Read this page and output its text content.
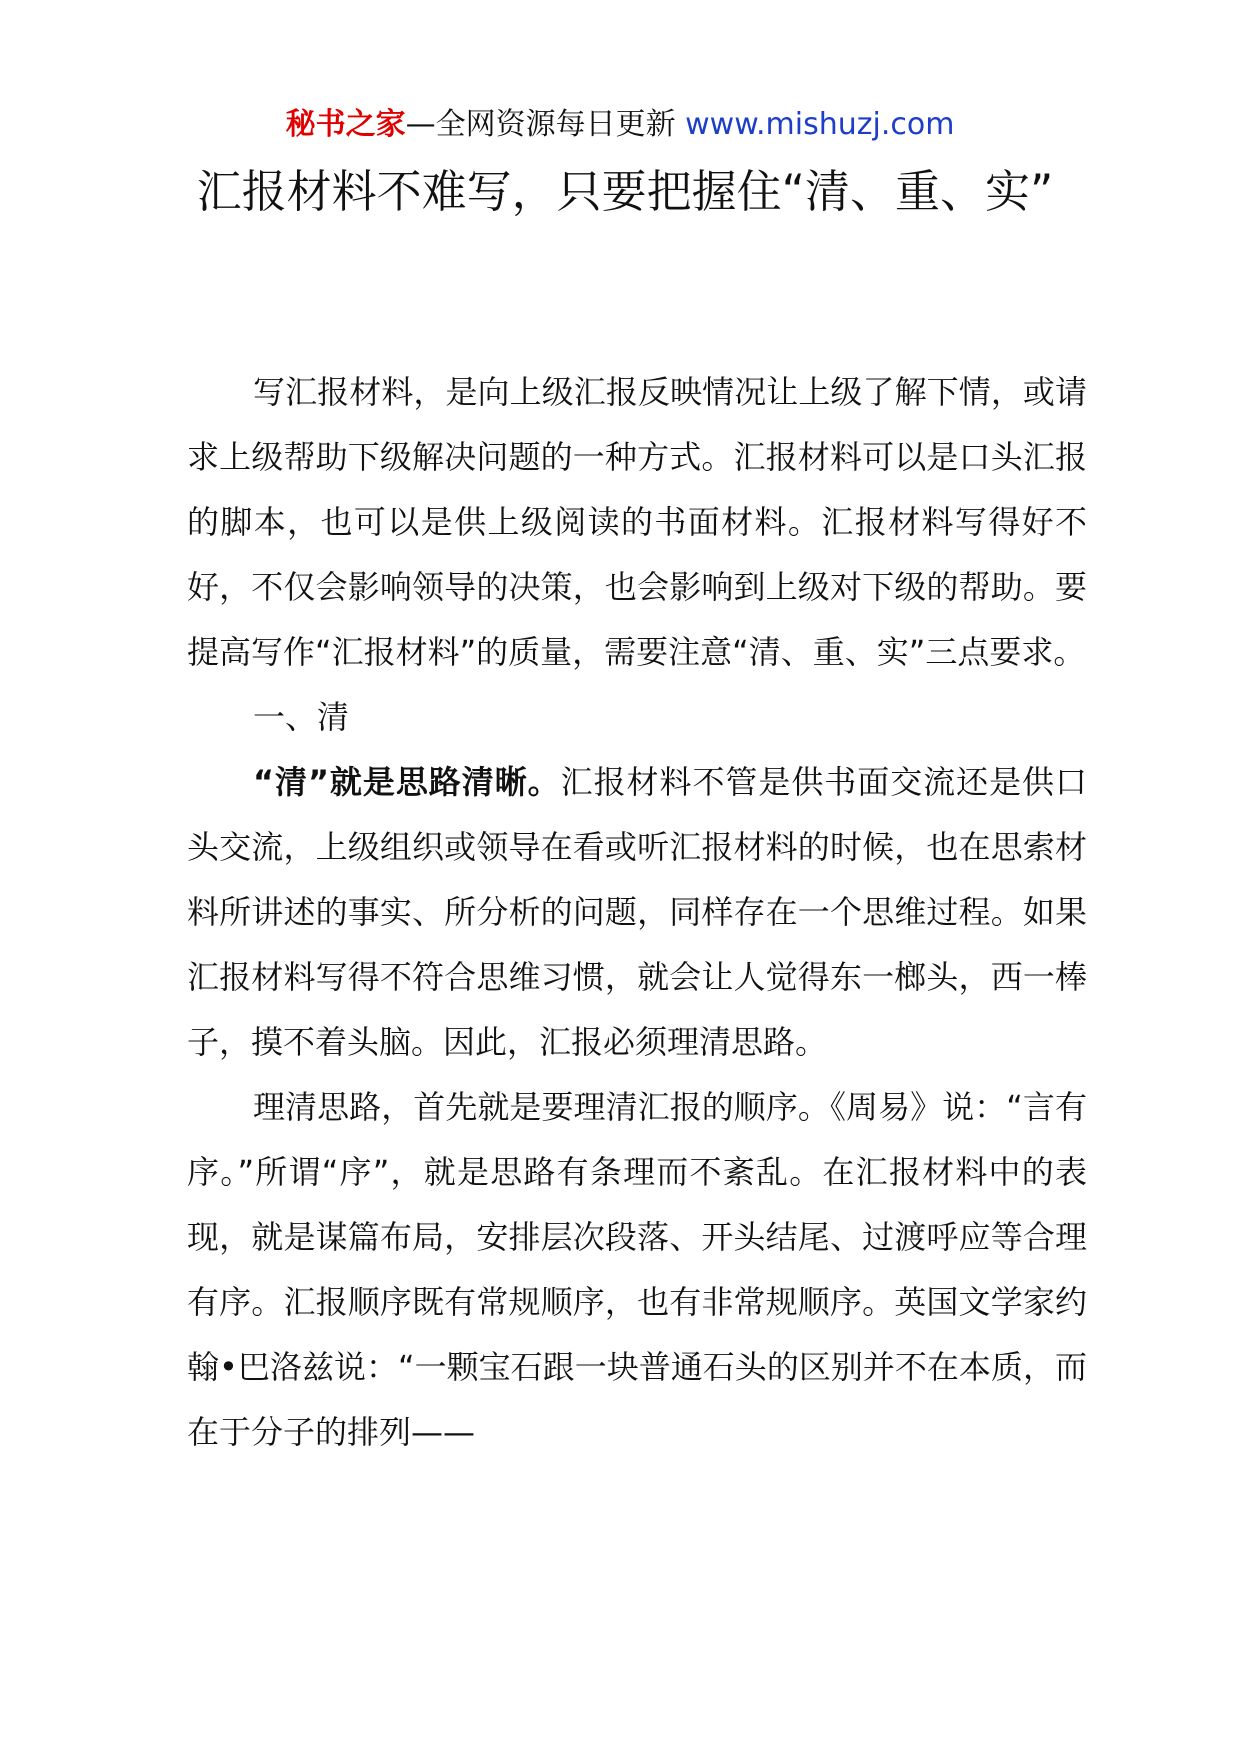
秘书之家—全网资源每日更新 www.mishuzj.com
汇报材料不难写，只要把握住“清、重、实”

写汇报材料，是向上级汇报反映情况让上级了解下情，或请求上级帮助下级解决问题的一种方式。汇报材料可以是口头汇报的脚本，也可以是供上级阅读的书面材料。汇报材料写得好不好，不仅会影响领导的决策，也会影响到上级对下级的帮助。要提高写作“汇报材料”的质量，需要注意“清、重、实”三点要求。

一、清

“清”就是思路清晰。汇报材料不管是供书面交流还是供口头交流，上级组织或领导在看或听汇报材料的时候，也在思索材料所讲述的事实、所分析的问题，同样存在一个思维过程。如果汇报材料写得不符合思维习惯，就会让人觉得东一榔头，西一棒子，摸不着头脑。因此，汇报必须理清思路。

理清思路，首先就是要理清汇报的顺序。《周易》说：“言有序。”所谓“序”，就是思路有条理而不紊乱。在汇报材料中的表现，就是谋篇布局，安排层次段落、开头结尾、过渡呼应等合理有序。汇报顺序既有常规顺序，也有非常规顺序。英国文学家约翰•巴洛兹说：“一颗宝石跟一块普通石头的区别并不在本质，而在于分子的排列——
